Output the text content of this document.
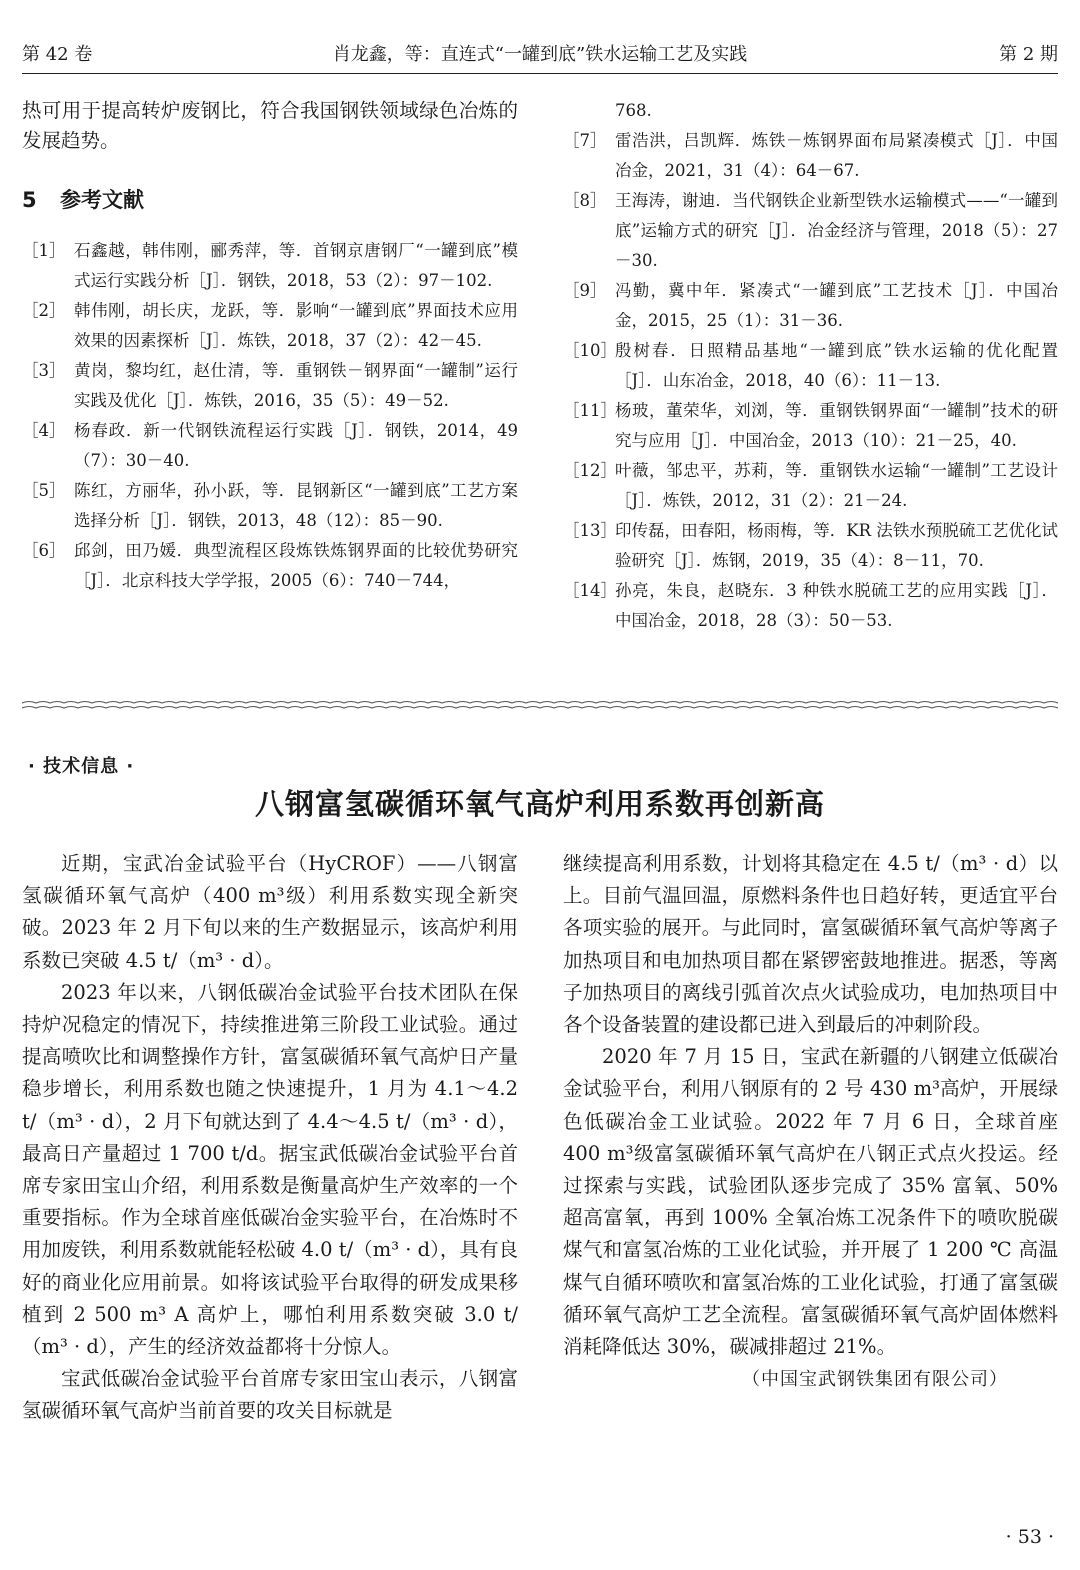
第 42 卷	肖龙鑫，等：直连式“一罐到底”铁水运输工艺及实践	第 2 期

热可用于提高转炉废钢比，符合我国钢铁领域绿色冶炼的发展趋势。

5 参考文献
［1］ 石鑫越，韩伟刚，郦秀萍，等．首钢京唐钢厂“一罐到底”模式运行实践分析［J］．钢铁，2018，53（2）：97－102.
［2］ 韩伟刚，胡长庆，龙跃，等．影响“一罐到底”界面技术应用效果的因素探析［J］．炼铁，2018，37（2）：42－45.
［3］ 黄岗，黎均红，赵仕清，等．重钢铁－钢界面“一罐制”运行实践及优化［J］．炼铁，2016，35（5）：49－52.
［4］ 杨春政．新一代钢铁流程运行实践［J］．钢铁，2014，49（7）：30－40.
［5］ 陈红，方丽华，孙小跃，等．昆钢新区“一罐到底”工艺方案选择分析［J］．钢铁，2013，48（12）：85－90.
［6］ 邱剑，田乃媛．典型流程区段炼铁炼钢界面的比较优势研究［J］．北京科技大学学报，2005（6）：740－744，
768.
［7］ 雷浩洪，吕凯辉．炼铁－炼钢界面布局紧凑模式［J］．中国冶金，2021，31（4）：64－67.
［8］ 王海涛，谢迪．当代钢铁企业新型铁水运输模式——“一罐到底”运输方式的研究［J］．冶金经济与管理，2018（5）：27－30.
［9］ 冯勤，冀中年．紧凑式“一罐到底”工艺技术［J］．中国冶金，2015，25（1）：31－36.
［10］
殷树春．日照精品基地“一罐到底”铁水运输的优化配置［J］．山东冶金，2018，40（6）：11－13.
［11］
杨玻，董荣华，刘浏，等．重钢铁钢界面“一罐制”技术的研究与应用［J］．中国冶金，2013（10）：21－25，40.
［12］
叶薇，邹忠平，苏莉，等．重钢铁水运输“一罐制”工艺设计［J］．炼铁，2012，31（2）：21－24.
［13］
印传磊，田春阳，杨雨梅，等．KR 法铁水预脱硫工艺优化试验研究［J］．炼钢，2019，35（4）：8－11，70.
［14］
孙亮，朱良，赵晓东．3 种铁水脱硫工艺的应用实践［J］．中国冶金，2018，28（3）：50－53.
· 技术信息 ·
八钢富氢碳循环氧气高炉利用系数再创新高

近期，宝武冶金试验平台（HyCROF）——八钢富氢碳循环氧气高炉（400 m³级）利用系数实现全新突破。2023 年 2 月下旬以来的生产数据显示，该高炉利用系数已突破 4.5 t/（m³ · d）。

2023 年以来，八钢低碳冶金试验平台技术团队在保持炉况稳定的情况下，持续推进第三阶段工业试验。通过提高喷吹比和调整操作方针，富氢碳循环氧气高炉日产量稳步增长，利用系数也随之快速提升，1 月为 4.1～4.2 t/（m³ · d），2 月下旬就达到了 4.4～4.5 t/（m³ · d），最高日产量超过 1 700 t/d。据宝武低碳冶金试验平台首席专家田宝山介绍，利用系数是衡量高炉生产效率的一个重要指标。作为全球首座低碳冶金实验平台，在冶炼时不用加废铁，利用系数就能轻松破 4.0 t/（m³ · d），具有良好的商业化应用前景。如将该试验平台取得的研发成果移植到 2 500 m³ A 高炉上，哪怕利用系数突破 3.0 t/（m³ · d），产生的经济效益都将十分惊人。

宝武低碳冶金试验平台首席专家田宝山表示，八钢富氢碳循环氧气高炉当前首要的攻关目标就是

继续提高利用系数，计划将其稳定在 4.5 t/（m³ · d）以上。目前气温回温，原燃料条件也日趋好转，更适宜平台各项实验的展开。与此同时，富氢碳循环氧气高炉等离子加热项目和电加热项目都在紧锣密鼓地推进。据悉，等离子加热项目的离线引弧首次点火试验成功，电加热项目中各个设备装置的建设都已进入到最后的冲刺阶段。

2020 年 7 月 15 日，宝武在新疆的八钢建立低碳冶金试验平台，利用八钢原有的 2 号 430 m³高炉，开展绿色低碳冶金工业试验。2022 年 7 月 6 日，全球首座 400 m³级富氢碳循环氧气高炉在八钢正式点火投运。经过探索与实践，试验团队逐步完成了 35% 富氧、50% 超高富氧，再到 100% 全氧冶炼工况条件下的喷吹脱碳煤气和富氢冶炼的工业化试验，并开展了 1 200 ℃ 高温煤气自循环喷吹和富氢冶炼的工业化试验，打通了富氢碳循环氧气高炉工艺全流程。富氢碳循环氧气高炉固体燃料消耗降低达 30%，碳减排超过 21%。

（中国宝武钢铁集团有限公司）

· 53 ·
